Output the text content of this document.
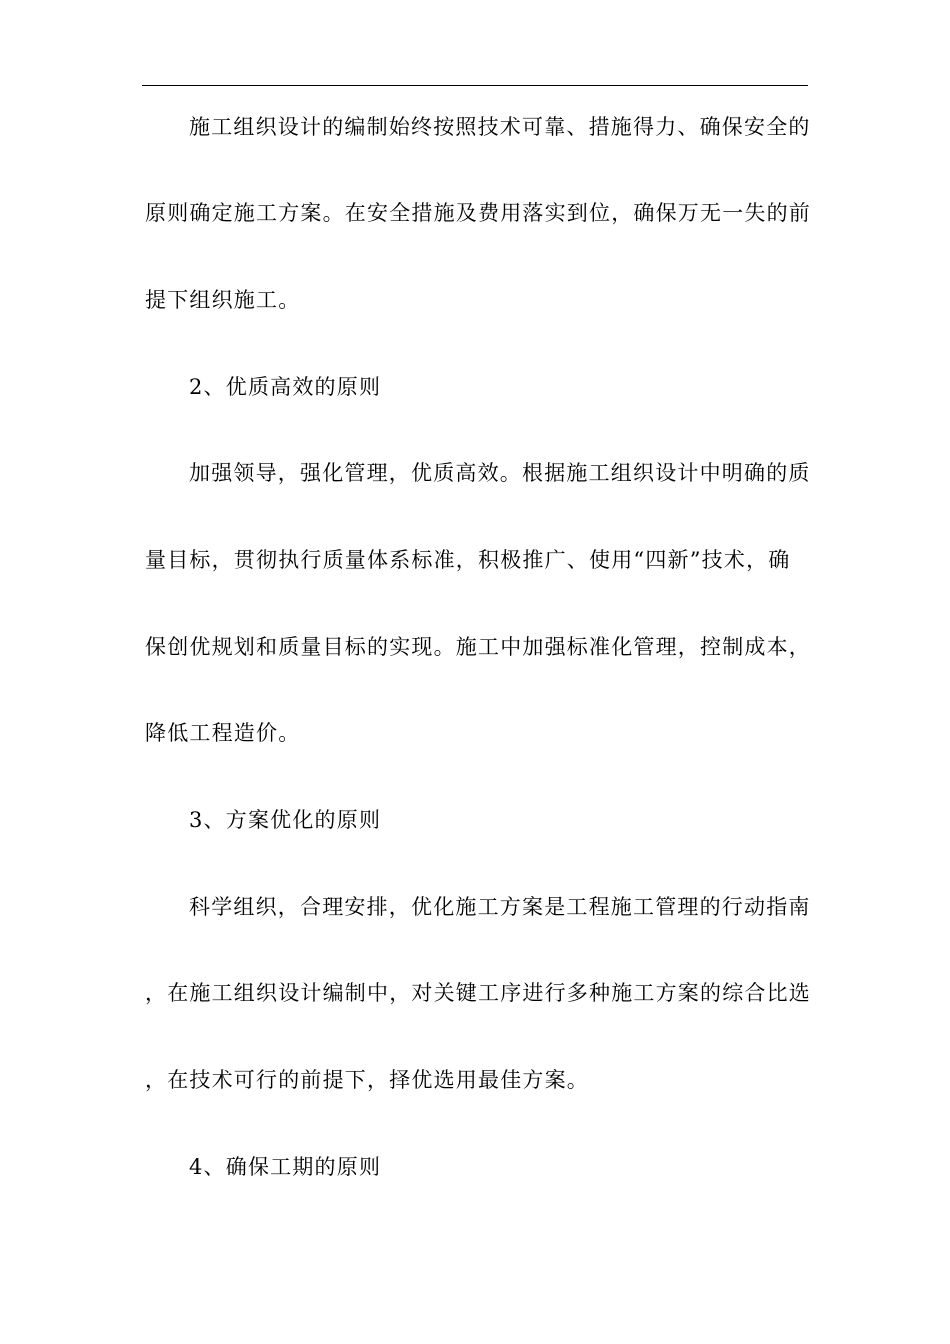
施工组织设计的编制始终按照技术可靠、措施得力、确保安全的
原则确定施工方案。在安全措施及费用落实到位，确保万无一失的前
提下组织施工。
2、优质高效的原则
加强领导，强化管理，优质高效。根据施工组织设计中明确的质
量目标，贯彻执行质量体系标准，积极推广、使用“四新”技术，确
保创优规划和质量目标的实现。施工中加强标准化管理，控制成本，
降低工程造价。
3、方案优化的原则
科学组织，合理安排，优化施工方案是工程施工管理的行动指南
，在施工组织设计编制中，对关键工序进行多种施工方案的综合比选
，在技术可行的前提下，择优选用最佳方案。
4、确保工期的原则
